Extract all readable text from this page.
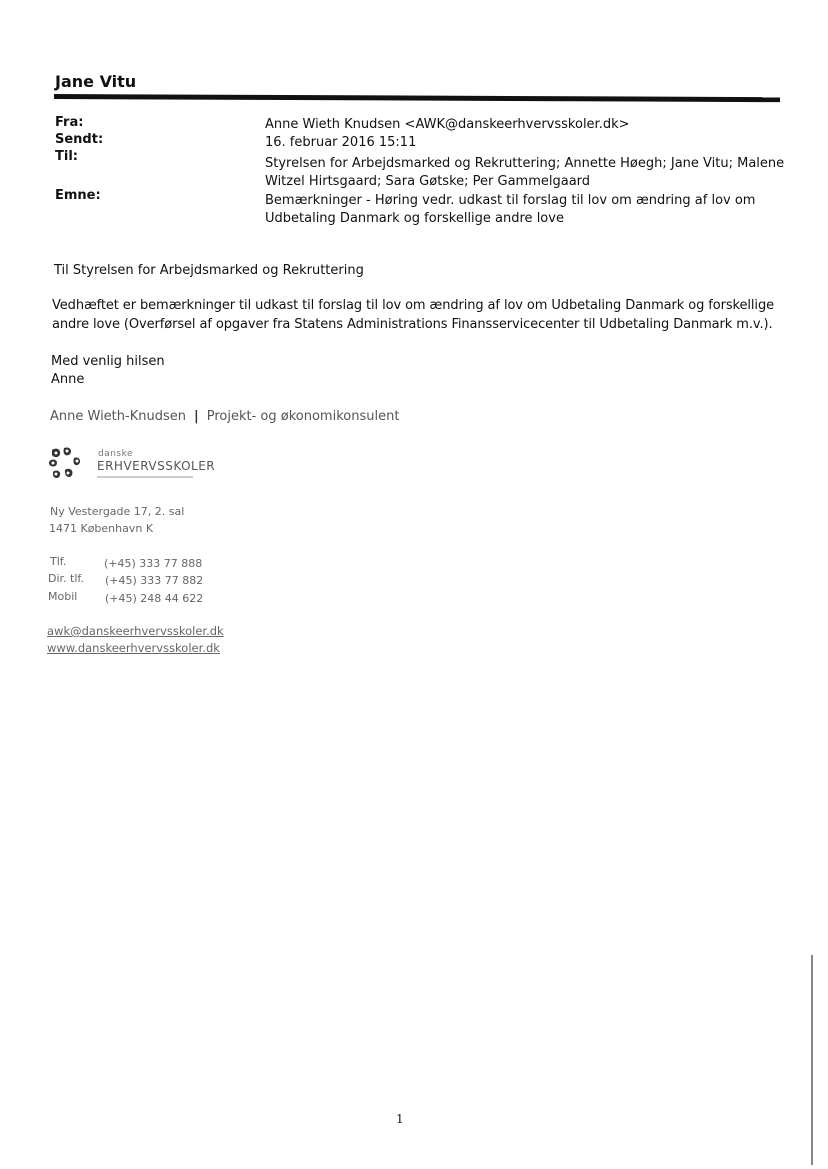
Jane Vitu
Fra:	Anne Wieth Knudsen <AWK@danskeerhvervsskoler.dk>
Sendt:	16. februar 2016 15:11
Til:	Styrelsen for Arbejdsmarked og Rekruttering; Annette Høegh; Jane Vitu; Malene
Witzel Hirtsgaard; Sara Gøtske; Per Gammelgaard
Emne:	Bemærkninger - Høring vedr. udkast til forslag til lov om ændring af lov om
Udbetaling Danmark og forskellige andre love
Til Styrelsen for Arbejdsmarked og Rekruttering
Vedhæftet er bemærkninger til udkast til forslag til lov om ændring af lov om Udbetaling Danmark og forskellige
andre love (Overførsel af opgaver fra Statens Administrations Finansservicecenter til Udbetaling Danmark m.v.).
Med venlig hilsen
Anne
Anne Wieth-Knudsen | Projekt- og økonomikonsulent
danske
ERHVERVSSKOLER
Ny Vestergade 17, 2. sal
1471 København K
Tlf.	(+45) 333 77 888
Dir. tlf. (+45) 333 77 882
Mobil	(+45) 248 44 622
awk@danskeerhvervsskoler.dk
www.danskeerhvervsskoler.dk
1
